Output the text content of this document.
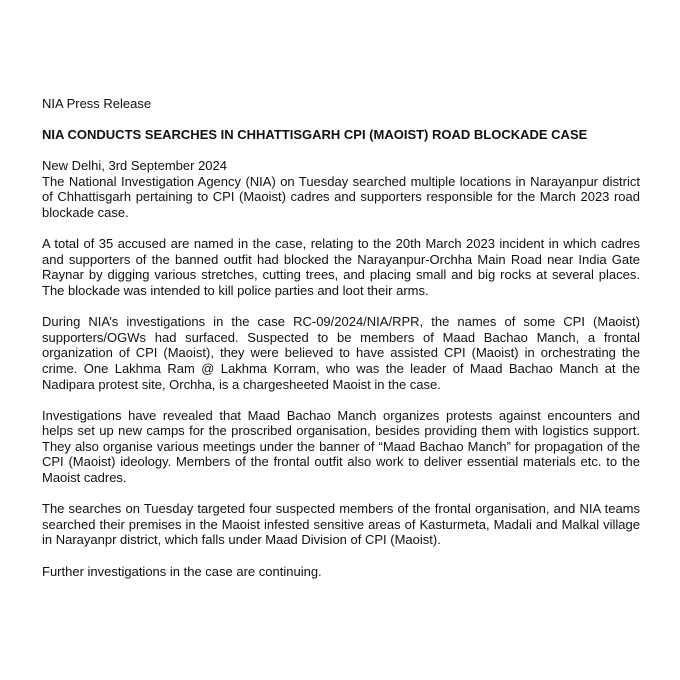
NIA Press Release

NIA CONDUCTS SEARCHES IN CHHATTISGARH CPI (MAOIST) ROAD BLOCKADE CASE

New Delhi, 3rd September 2024

The National Investigation Agency (NIA) on Tuesday searched multiple locations in Narayanpur district of Chhattisgarh pertaining to CPI (Maoist) cadres and supporters responsible for the March 2023 road blockade case.

A total of 35 accused are named in the case, relating to the 20th March 2023 incident in which cadres and supporters of the banned outfit had blocked the Narayanpur-Orchha Main Road near India Gate Raynar by digging various stretches, cutting trees, and placing small and big rocks at several places. The blockade was intended to kill police parties and loot their arms.

During NIA’s investigations in the case RC-09/2024/NIA/RPR, the names of some CPI (Maoist) supporters/OGWs had surfaced. Suspected to be members of Maad Bachao Manch, a frontal organization of CPI (Maoist), they were believed to have assisted CPI (Maoist) in orchestrating the crime. One Lakhma Ram @ Lakhma Korram, who was the leader of Maad Bachao Manch at the Nadipara protest site, Orchha, is a chargesheeted Maoist in the case.

Investigations have revealed that Maad Bachao Manch organizes protests against encounters and helps set up new camps for the proscribed organisation, besides providing them with logistics support. They also organise various meetings under the banner of “Maad Bachao Manch” for propagation of the CPI (Maoist) ideology. Members of the frontal outfit also work to deliver essential materials etc. to the Maoist cadres.

The searches on Tuesday targeted four suspected members of the frontal organisation, and NIA teams searched their premises in the Maoist infested sensitive areas of Kasturmeta, Madali and Malkal village in Narayanpr district, which falls under Maad Division of CPI (Maoist).

Further investigations in the case are continuing.
